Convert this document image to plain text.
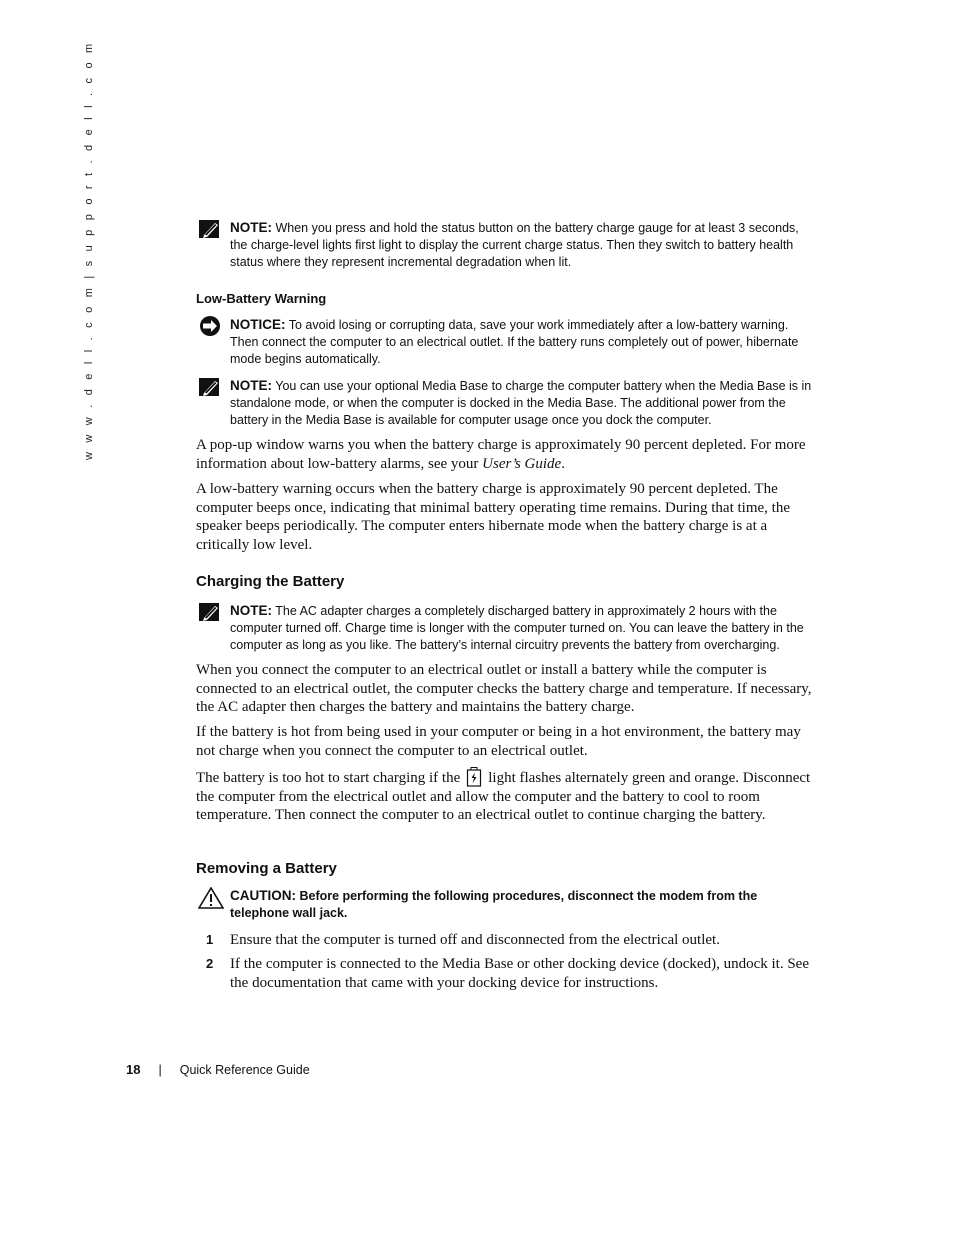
w w w . d e l l . c o m | s u p p o r t . d e l l . c o m	NOTE: When you press and hold the status button on the battery charge gauge for at least 3 seconds, the charge-level lights first light to display the current charge status. Then they switch to battery health status where they represent incremental degradation when lit.
Low-Battery Warning
NOTICE: To avoid losing or corrupting data, save your work immediately after a low-battery warning. Then connect the computer to an electrical outlet. If the battery runs completely out of power, hibernate mode begins automatically.
NOTE: You can use your optional Media Base to charge the computer battery when the Media Base is in standalone mode, or when the computer is docked in the Media Base. The additional power from the battery in the Media Base is available for computer usage once you dock the computer.
A pop-up window warns you when the battery charge is approximately 90 percent depleted. For more information about low-battery alarms, see your User’s Guide.
A low-battery warning occurs when the battery charge is approximately 90 percent depleted. The computer beeps once, indicating that minimal battery operating time remains. During that time, the speaker beeps periodically. The computer enters hibernate mode when the battery charge is at a critically low level.
Charging the Battery
NOTE: The AC adapter charges a completely discharged battery in approximately 2 hours with the computer turned off. Charge time is longer with the computer turned on. You can leave the battery in the computer as long as you like. The battery’s internal circuitry prevents the battery from overcharging.
When you connect the computer to an electrical outlet or install a battery while the computer is connected to an electrical outlet, the computer checks the battery charge and temperature. If necessary, the AC adapter then charges the battery and maintains the battery charge.
If the battery is hot from being used in your computer or being in a hot environment, the battery may not charge when you connect the computer to an electrical outlet.
The battery is too hot to start charging if the light flashes alternately green and orange. Disconnect the computer from the electrical outlet and allow the computer and the battery to cool to room temperature. Then connect the computer to an electrical outlet to continue charging the battery.
Removing a Battery
CAUTION: Before performing the following procedures, disconnect the modem from the telephone wall jack.
1 Ensure that the computer is turned off and disconnected from the electrical outlet.
2 If the computer is connected to the Media Base or other docking device (docked), undock it. See the documentation that came with your docking device for instructions.
18 | Quick Reference Guide
